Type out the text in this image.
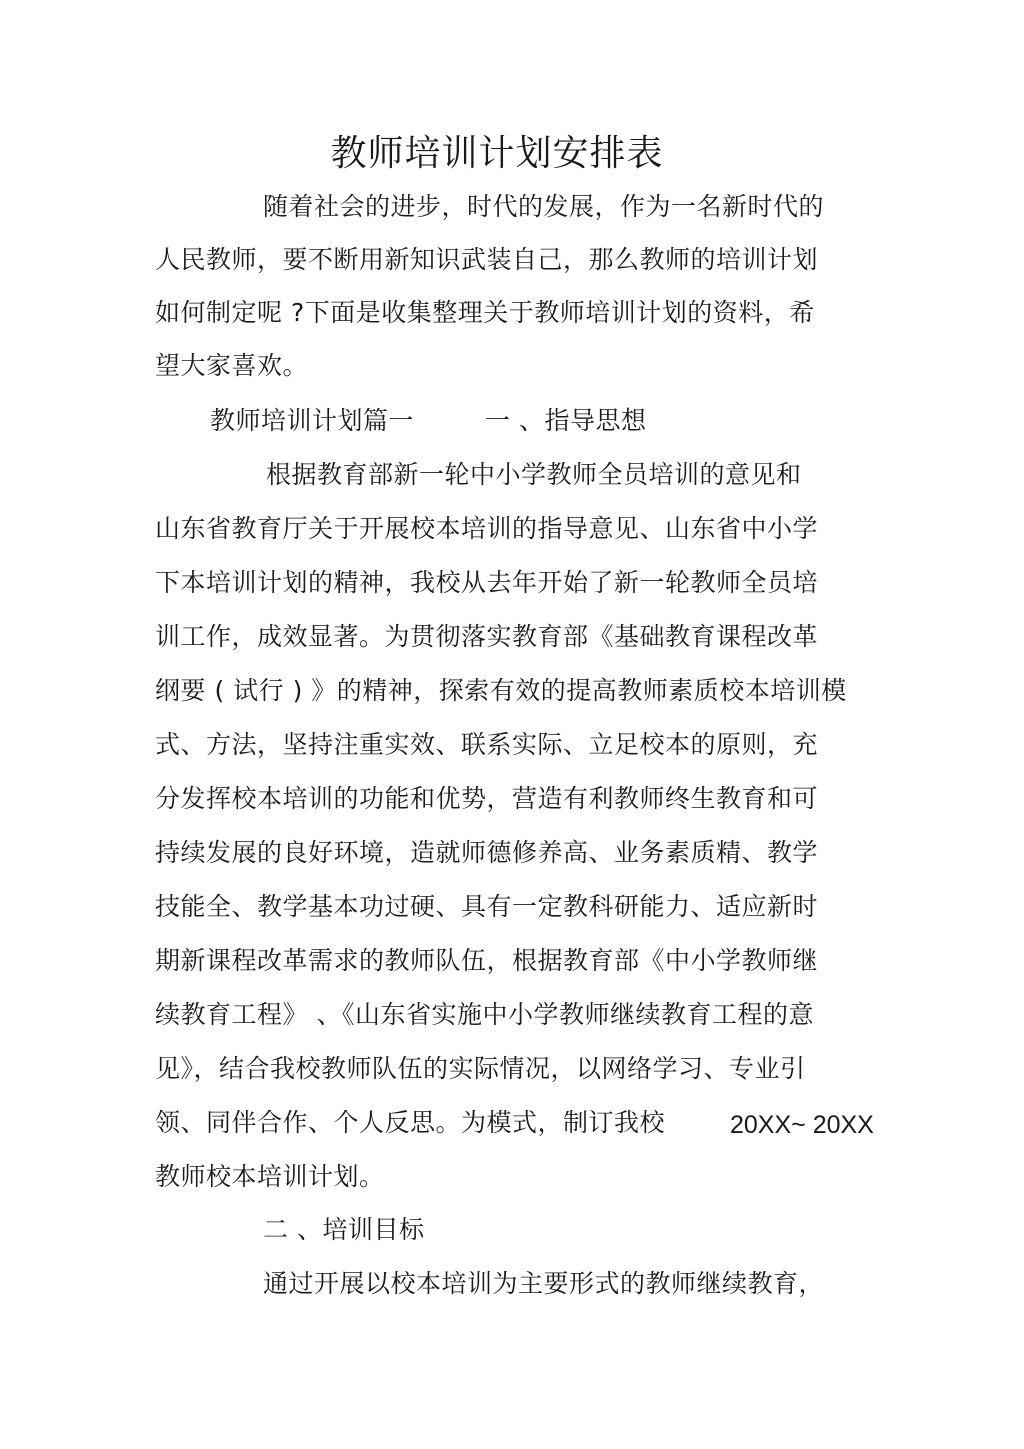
教师培训计划安排表
随着社会的进步，时代的发展，作为一名新时代的
人民教师，要不断用新知识武装自己，那么教师的培训计划
如何制定呢 ?下面是收集整理关于教师培训计划的资料，希
望大家喜欢。
教师培训计划篇一	一 、指导思想
根据教育部新一轮中小学教师全员培训的意见和
山东省教育厅关于开展校本培训的指导意见、山东省中小学
下本培训计划的精神，我校从去年开始了新一轮教师全员培
训工作，成效显著。为贯彻落实教育部《基础教育课程改革
纲要 ( 试行 ) 》的精神，探索有效的提高教师素质校本培训模
式、方法，坚持注重实效、联系实际、立足校本的原则，充
分发挥校本培训的功能和优势，营造有利教师终生教育和可
持续发展的良好环境，造就师德修养高、业务素质精、教学
技能全、教学基本功过硬、具有一定教科研能力、适应新时
期新课程改革需求的教师队伍，根据教育部《中小学教师继
续教育工程》 、《山东省实施中小学教师继续教育工程的意
见》，结合我校教师队伍的实际情况，以网络学习、专业引
领、同伴合作、个人反思。为模式，制订我校	20XX~ 20XX
教师校本培训计划。
二 、培训目标
通过开展以校本培训为主要形式的教师继续教育，
